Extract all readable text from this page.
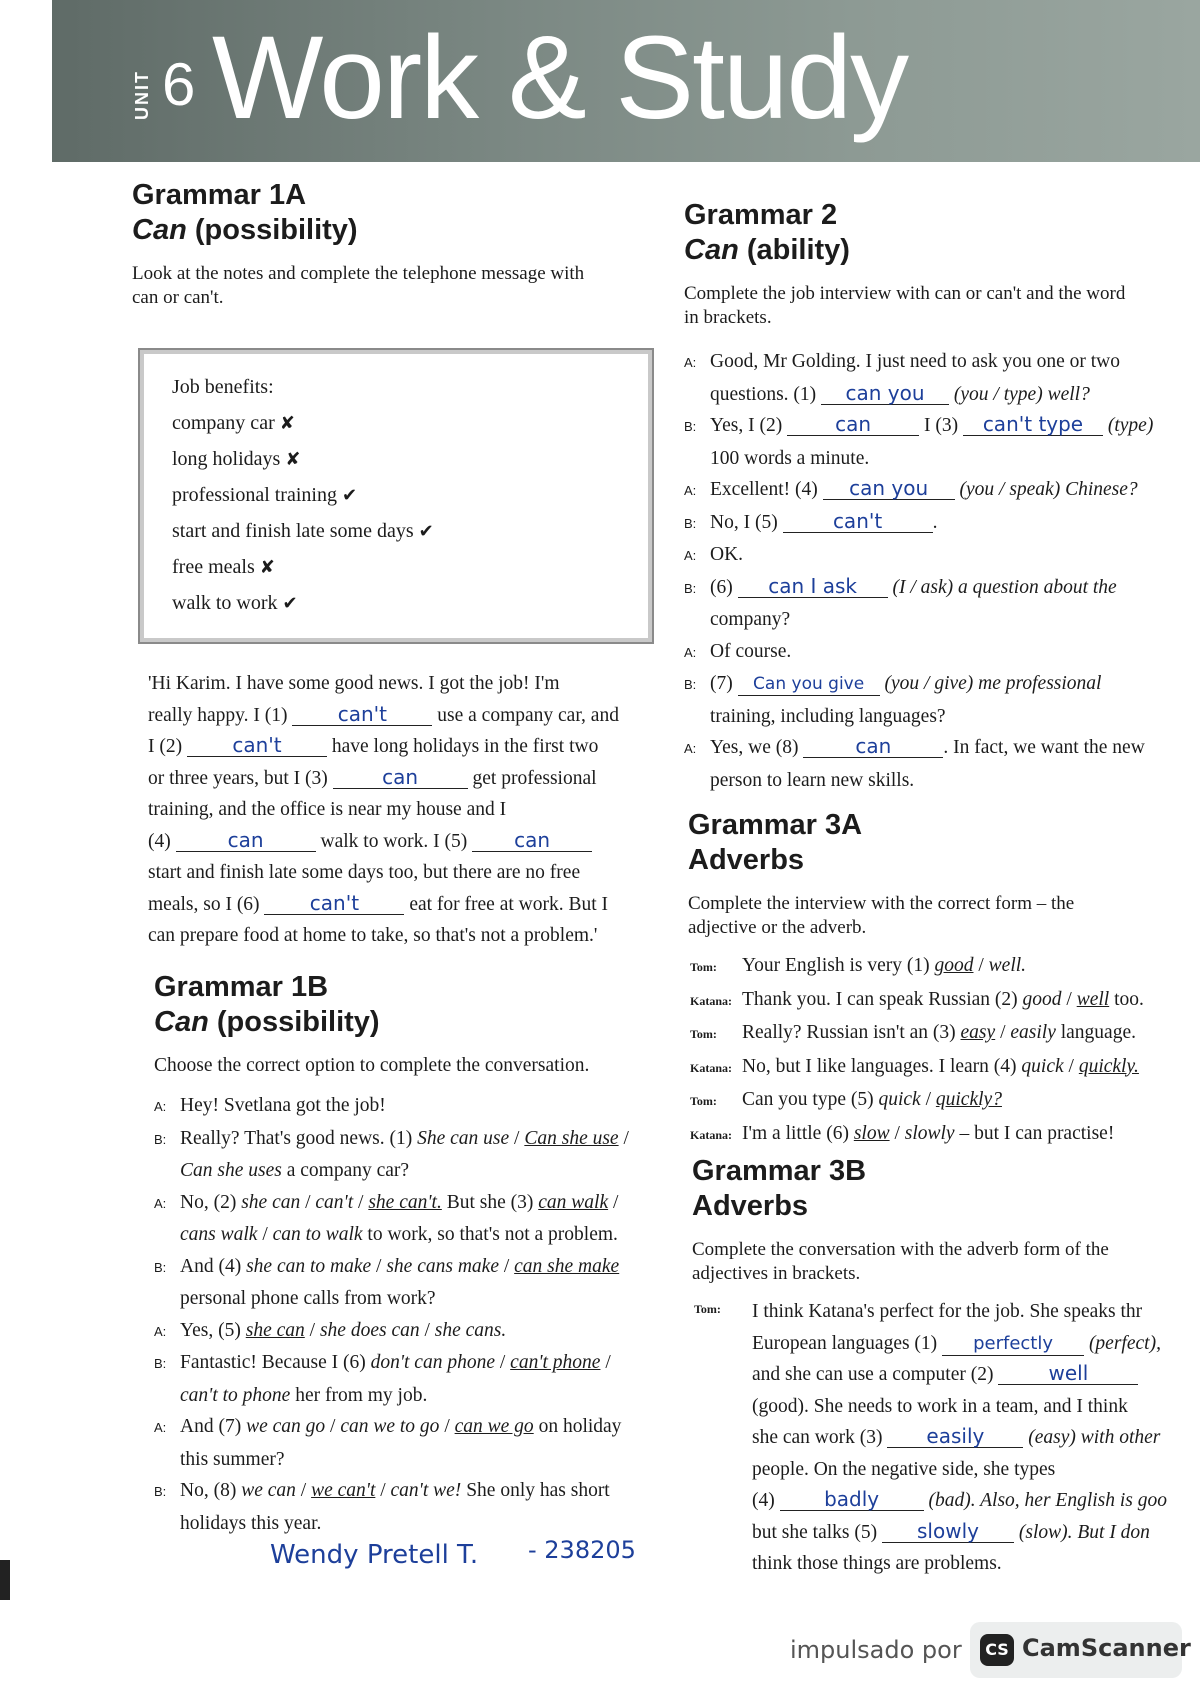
UNIT 6 Work & Study

Grammar 1A

Can (possibility)

Look at the notes and complete the telephone message with can or can't.

Job benefits:
company car ✘
long holidays ✘
professional training ✔
start and finish late some days ✔
free meals ✘
walk to work ✔

'Hi Karim. I have some good news. I got the job! I'm

really happy. I (1)	can't	use a company car, and

I (2)	can't	have long holidays in the first two

or three years, but I (3)	can	get professional

training, and the office is near my house and I

(4)	can	walk to work. I (5) can

start and finish late some days too, but there are no free

meals, so I (6)	can't	eat for free at work. But I

can prepare food at home to take, so that's not a problem.'

Grammar 1B

Can (possibility)

Choose the correct option to complete the conversation.

A: Hey! Svetlana got the job!

B: Really? That's good news. (1) She can use / Can she use /

Can she uses a company car?

A: No, (2) she can / can't / she can't. But she (3) can walk /

cans walk / can to walk to work, so that's not a problem.

B: And (4) she can to make / she cans make / can she make

personal phone calls from work?

A: Yes, (5) she can / she does can / she cans.

B: Fantastic! Because I (6) don't can phone / can't phone /

can't to phone her from my job.

A: And (7) we can go / can we to go / can we go on holiday

this summer?

B: No, (8) we can / we can't / can't we! She only has short

holidays this year.

Wendy Pretell T. - 238205

Grammar 2

Can (ability)

Complete the job interview with can or can't and the word

in brackets.

A: Good, Mr Golding. I just need to ask you one or two

questions. (1) can you (you / type) well?

B: Yes, I (2)	can	I (3) can't type (type)

100 words a minute.

A: Excellent! (4) can you (you / speak) Chinese?

B: No, I (5)	can't	.

A: OK.

B: (6) can I ask (I / ask) a question about the

company?

A: Of course.

B: (7) Can you give (you / give) me professional

training, including languages?

A: Yes, we (8)	can	. In fact, we want the new

person to learn new skills.

Grammar 3A

Adverbs

Complete the interview with the correct form – the

adjective or the adverb.

Tom: Your English is very (1) good / well.

Katana: Thank you. I can speak Russian (2) good / well too.

Tom: Really? Russian isn't an (3) easy / easily language.

Katana: No, but I like languages. I learn (4) quick / quickly.

Tom: Can you type (5) quick / quickly?

Katana: I'm a little (6) slow / slowly – but I can practise!

Grammar 3B

Adverbs

Complete the conversation with the adverb form of the

adjectives in brackets.

Tom: I think Katana's perfect for the job. She speaks thr

European languages (1) perfectly (perfect),

and she can use a computer (2)	well

(good). She needs to work in a team, and I think

she can work (3) easily (easy) with other

people. On the negative side, she types

(4) badly	(bad). Also, her English is goo

but she talks (5) slowly (slow). But I don

think those things are problems.

impulsado por	CS CamScanner
